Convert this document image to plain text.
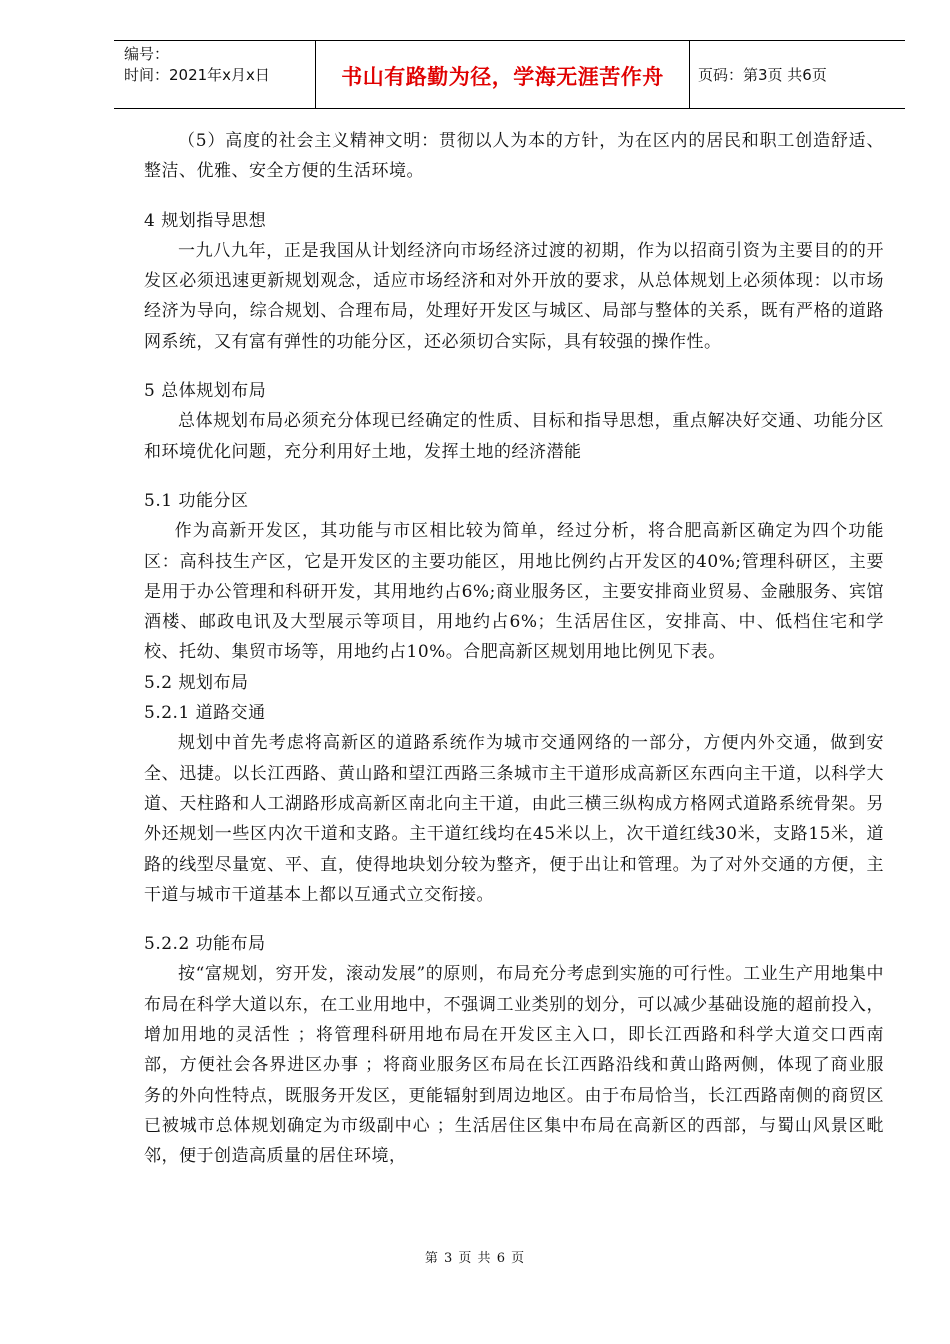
编号：
时间：2021年x月x日	书山有路勤为径，学海无涯苦作舟	页码：第3页 共6页

（5）高度的社会主义精神文明：贯彻以人为本的方针，为在区内的居民和职工创造舒适、整洁、优雅、安全方便的生活环境。

4 规划指导思想

一九八九年，正是我国从计划经济向市场经济过渡的初期，作为以招商引资为主要目的的开发区必须迅速更新规划观念，适应市场经济和对外开放的要求，从总体规划上必须体现：以市场经济为导向，综合规划、合理布局，处理好开发区与城区、局部与整体的关系，既有严格的道路网系统，又有富有弹性的功能分区，还必须切合实际，具有较强的操作性。

5 总体规划布局

总体规划布局必须充分体现已经确定的性质、目标和指导思想，重点解决好交通、功能分区和环境优化问题，充分利用好土地，发挥土地的经济潜能

5.1 功能分区

作为高新开发区，其功能与市区相比较为简单，经过分析，将合肥高新区确定为四个功能区：高科技生产区，它是开发区的主要功能区，用地比例约占开发区的40%;管理科研区，主要是用于办公管理和科研开发，其用地约占6%;商业服务区，主要安排商业贸易、金融服务、宾馆酒楼、邮政电讯及大型展示等项目，用地约占6%；生活居住区，安排高、中、低档住宅和学校、托幼、集贸市场等，用地约占10%。合肥高新区规划用地比例见下表。

5.2 规划布局

5.2.1 道路交通

规划中首先考虑将高新区的道路系统作为城市交通网络的一部分，方便内外交通，做到安全、迅捷。以长江西路、黄山路和望江西路三条城市主干道形成高新区东西向主干道，以科学大道、天柱路和人工湖路形成高新区南北向主干道，由此三横三纵构成方格网式道路系统骨架。另外还规划一些区内次干道和支路。主干道红线均在45米以上，次干道红线30米，支路15米，道路的线型尽量宽、平、直，使得地块划分较为整齐，便于出让和管理。为了对外交通的方便，主干道与城市干道基本上都以互通式立交衔接。

5.2.2 功能布局

按“富规划，穷开发，滚动发展”的原则，布局充分考虑到实施的可行性。工业生产用地集中布局在科学大道以东，在工业用地中，不强调工业类别的划分，可以减少基础设施的超前投入，增加用地的灵活性 ；将管理科研用地布局在开发区主入口，即长江西路和科学大道交口西南部，方便社会各界进区办事 ；将商业服务区布局在长江西路沿线和黄山路两侧，体现了商业服务的外向性特点，既服务开发区，更能辐射到周边地区。由于布局恰当，长江西路南侧的商贸区已被城市总体规划确定为市级副中心 ；生活居住区集中布局在高新区的西部，与蜀山风景区毗邻，便于创造高质量的居住环境，

第 3 页 共 6 页
